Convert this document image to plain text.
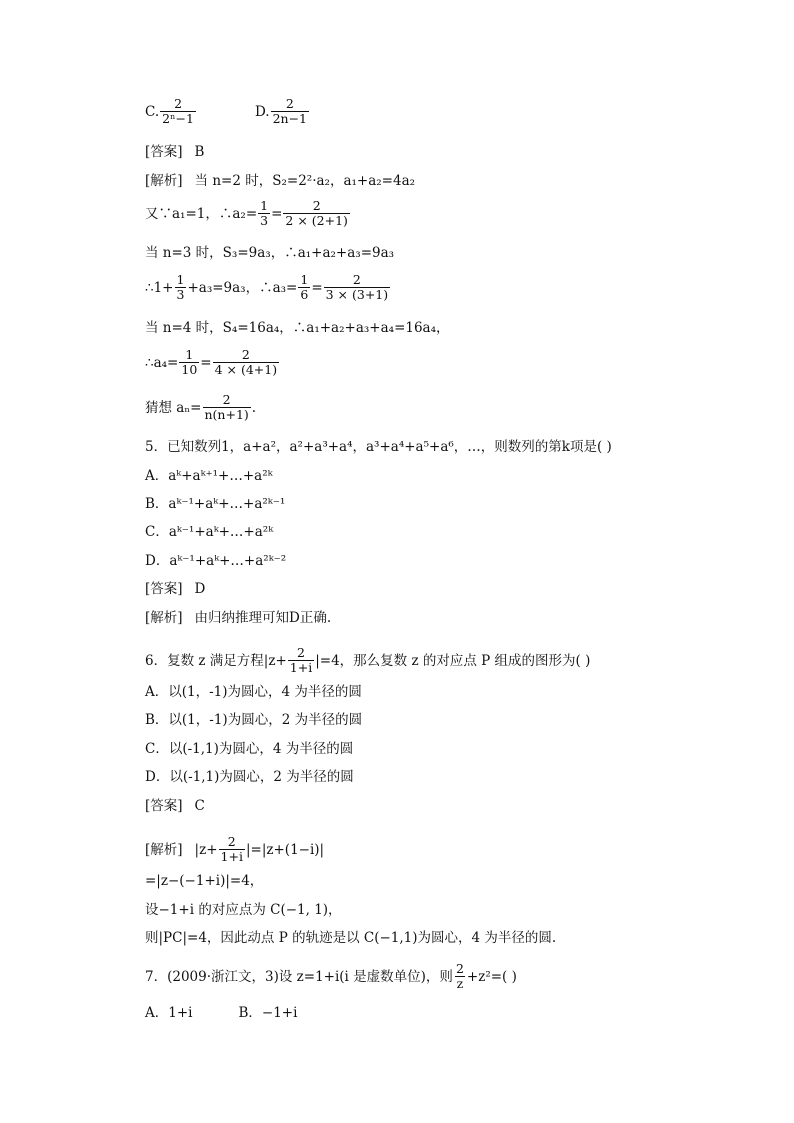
C. $\frac{2}{\text{2ⁿ−1}}$	D. $\frac{2}{2n-1}$
[答案] B
[解析] 当 n=2 时，S₂=2²·a₂，a₁+a₂=4a₂
又∵a₁=1，∴a₂= $\frac{1}{3} = \frac{2}{2 \times (2+1)}$
当 n=3 时，S₃=9a₃，∴a₁+a₂+a₃=9a₃
∴1+ $\frac{1}{3} +a_3=9a_3$，∴a₃= $\frac{1}{6} = \frac{2}{3 \times (3+1)}$
当 n=4 时，S₄=16a₄，∴a₁+a₂+a₃+a₄=16a₄，
∴a₄= $\frac{1}{10} = \frac{2}{4 \times (4+1)}$
猜想 $a_n= \frac{2}{n(n+1)}$ .
5．已知数列1，a+a²，a²+a³+a⁴，a³+a⁴+a⁵+a⁶，…，则数列的第k项是( )
A．aᵏ+aᵏ⁺¹+…+a²ᵏ
B．aᵏ⁻¹+aᵏ+…+a²ᵏ⁻¹
C．aᵏ⁻¹+aᵏ+…+a²ᵏ
D．aᵏ⁻¹+aᵏ+…+a²ᵏ⁻²
[答案] D
[解析] 由归纳推理可知D正确.
6．复数 z 满足方程$|z+ \frac{2}{1+i} |=4$，那么复数 z 的对应点 P 组成的图形为( )
A．以(1，-1)为圆心，4 为半径的圆
B．以(1，-1)为圆心，2 为半径的圆
C．以(-1,1)为圆心，4 为半径的圆
D．以(-1,1)为圆心，2 为半径的圆
[答案] C
[解析] $|z+ \frac{2}{1+i} |=|z+(1-i)|$
=|z−(−1+i)|=4，
设−1+i 的对应点为 C(−1, 1)，
则|PC|=4，因此动点 P 的轨迹是以 C(−1,1)为圆心，4 为半径的圆.
7．(2009·浙江文，3)设 z=1+i(i 是虚数单位)，则 $\frac{2}{z} +z^2=$( )
A．1+i	B．−1+i
